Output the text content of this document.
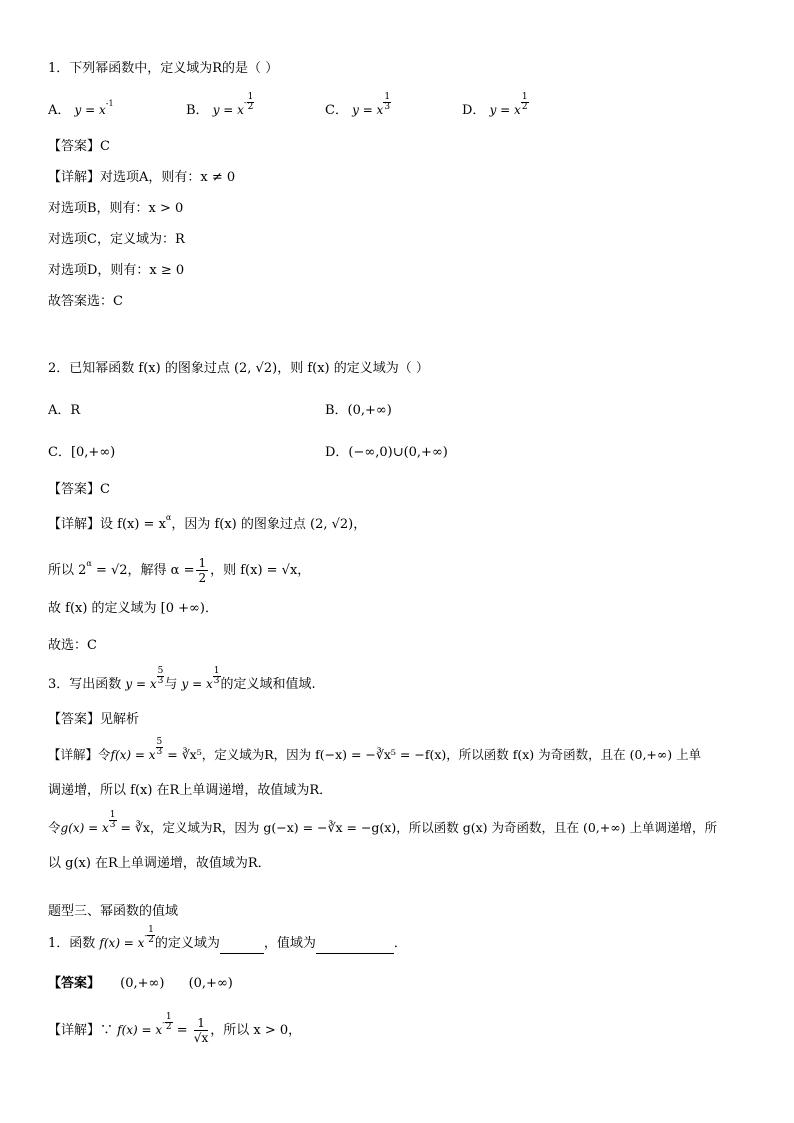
1．下列幂函数中，定义域为R的是（ ）
A． $y = x^{-1}$	B． $y = x^- \frac{1}{2}$	C． y = x $\frac{1}{3}$	D． y = x $\frac{1}{2}$
【答案】C
【详解】对选项A，则有：x ≠ 0
对选项B，则有：x > 0
对选项C，定义域为：R
对选项D，则有：x ≥ 0
故答案选：C
2．已知幂函数 f(x) 的图象过点 (2, √2)，则 f(x) 的定义域为（ ）
A．R	B．(0,+∞)
C．[0,+∞)	D．(−∞,0)∪(0,+∞)
【答案】C
【详解】设 $f(x) = x^\alpha$，因为 f(x) 的图象过点 (2, √2)，
所以 $2^\alpha = √2$，解得 $\alpha = \frac{1}{2}$ ，则 f(x) = √x，
故 f(x) 的定义域为 [0 +∞)．
故选：C
3．写出函数 y = x $\frac{5}{3}$ 与 y = x $\frac{1}{3}$ 的定义域和值域.
【答案】见解析
【详解】令f(x) = x $\frac{5}{3}$ = ∛x⁵，定义域为R，因为 f(−x) = −∛x⁵ = −f(x)，所以函数 f(x) 为奇函数，且在 (0,+∞) 上单
调递增，所以 f(x) 在R上单调递增，故值域为R．
令g(x) = x $\frac{1}{3}$ = ∛x，定义域为R，因为 g(−x) = −∛x = −g(x)，所以函数 g(x) 为奇函数，且在 (0,+∞) 上单调递增，所
以 g(x) 在R上单调递增，故值域为R．
题型三、幂函数的值域
1．函数 $f(x) = x^- \frac{1}{2}$ 的定义域为	，值域为	．
【答案】 (0,+∞) (0,+∞)
【详解】∵ $f(x) = x^- \frac{1}{2} = \frac{1}{√x}$ ，所以 x > 0，
